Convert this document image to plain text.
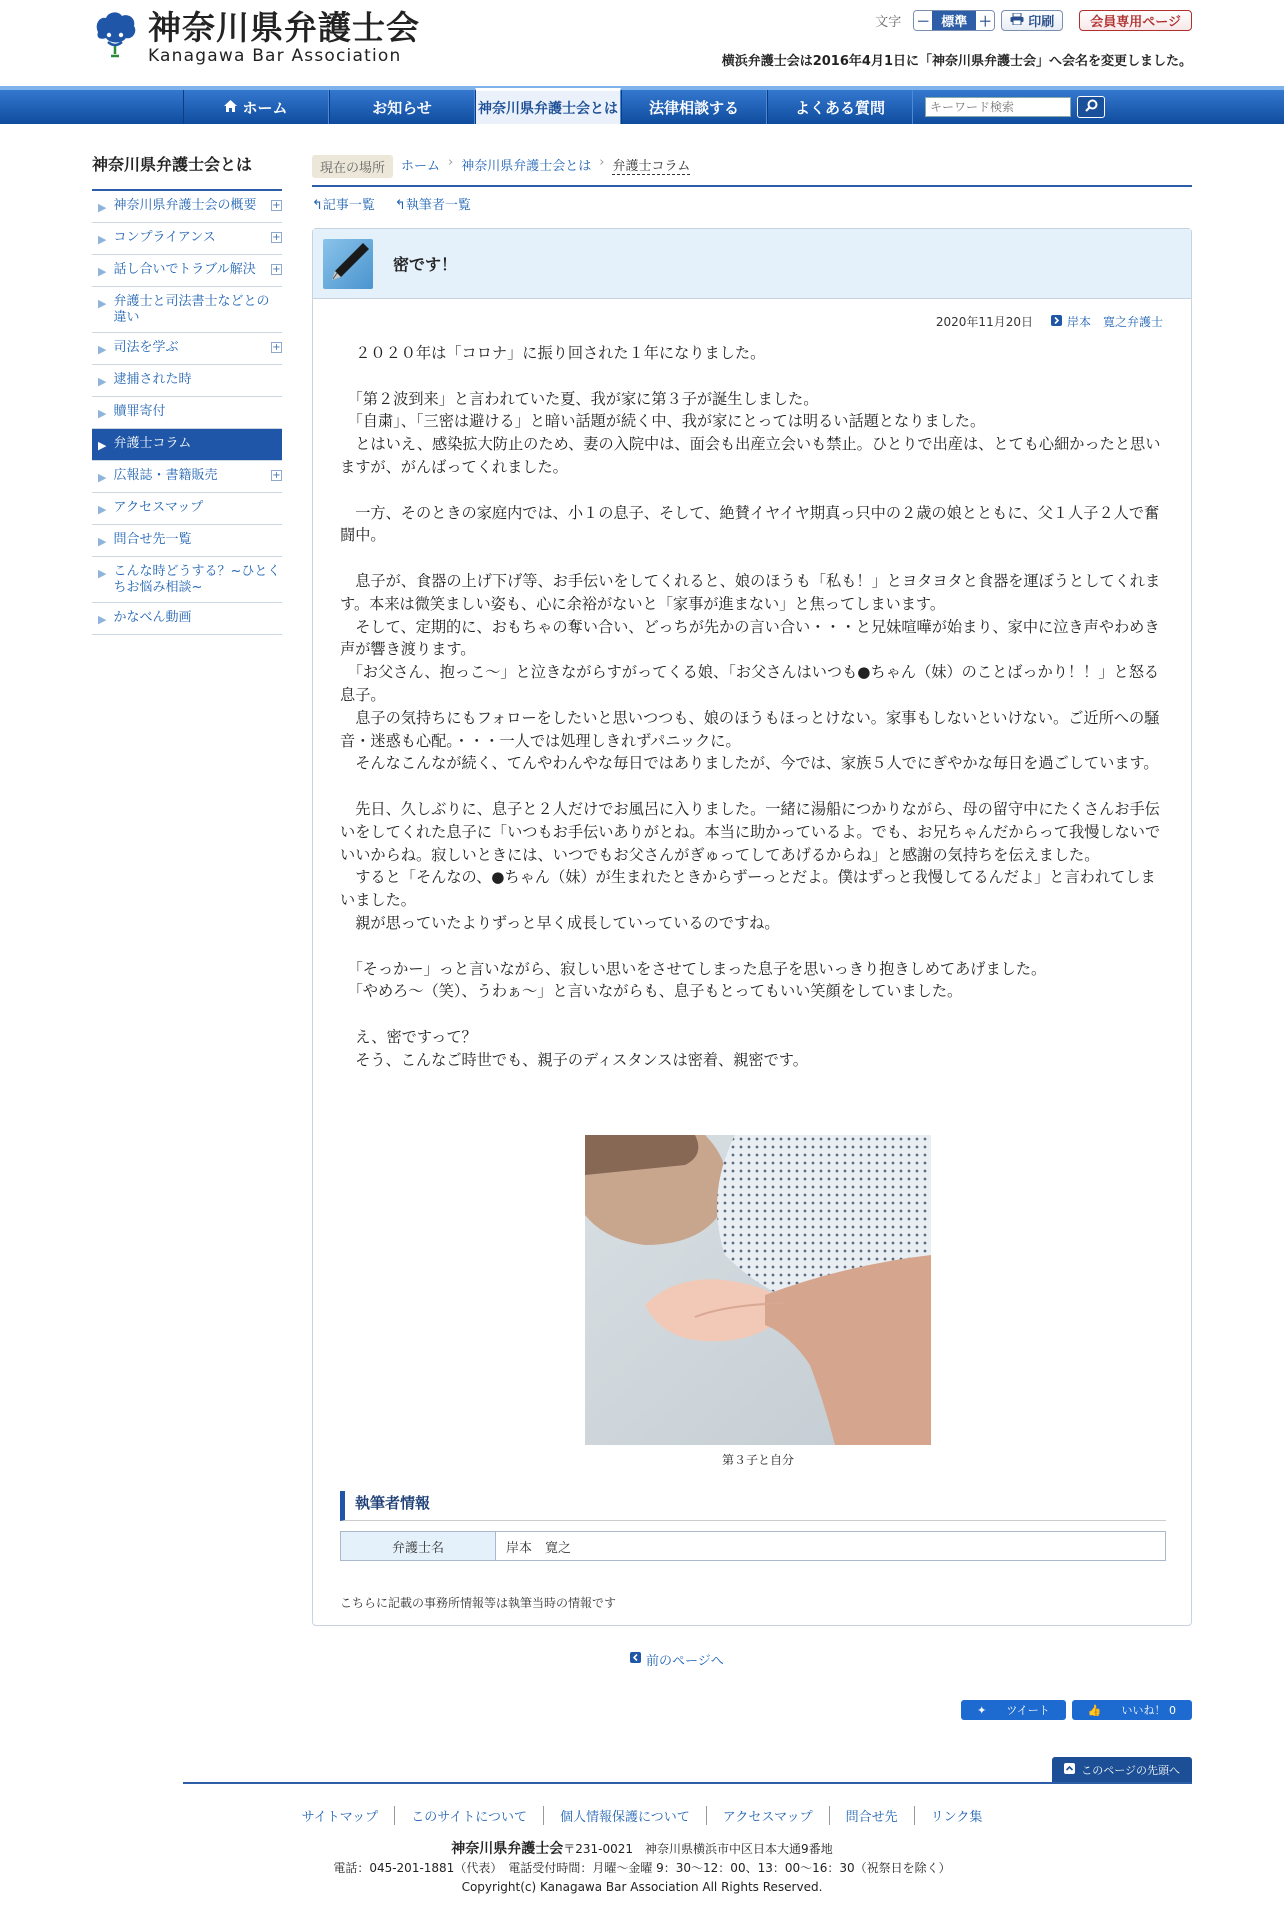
神奈川県弁護士会
Kanagawa Bar Association
文字 － 標準 ＋	印刷	会員専用ページ
横浜弁護士会は2016年4月1日に「神奈川県弁護士会」へ会名を変更しました。
ホーム	お知らせ	神奈川県弁護士会とは	法律相談する	よくある質問
キーワード検索
神奈川県弁護士会とは
▶ 神奈川県弁護士会の概要 +
▶ コンプライアンス	+
▶ 話し合いでトラブル解決 +
▶ 弁護士と司法書士などとの違い
▶ 司法を学ぶ	+
▶ 逮捕された時
▶ 贖罪寄付
▶ 弁護士コラム
▶ 広報誌・書籍販売	+
▶ アクセスマップ
▶ 問合せ先一覧
▶ こんな時どうする？~ひとくちお悩み相談~
▶ かなべん動画
現在の場所	ホーム › 神奈川県弁護士会とは › 弁護士コラム
↰記事一覧 ↰執筆者一覧
密です！
2020年11月20日	岸本　寛之弁護士

　２０２０年は「コロナ」に振り回された１年になりました。

　「第２波到来」と言われていた夏、我が家に第３子が誕生しました。
　「自粛」、「三密は避ける」と暗い話題が続く中、我が家にとっては明るい話題となりました。
　とはいえ、感染拡大防止のため、妻の入院中は、面会も出産立会いも禁止。ひとりで出産は、とても心細かったと思いますが、がんばってくれました。

　一方、そのときの家庭内では、小１の息子、そして、絶賛イヤイヤ期真っ只中の２歳の娘とともに、父１人子２人で奮闘中。

　息子が、食器の上げ下げ等、お手伝いをしてくれると、娘のほうも「私も！」とヨタヨタと食器を運ぼうとしてくれます。本来は微笑ましい姿も、心に余裕がないと「家事が進まない」と焦ってしまいます。
　そして、定期的に、おもちゃの奪い合い、どっちが先かの言い合い・・・と兄妹喧嘩が始まり、家中に泣き声やわめき声が響き渡ります。
　「お父さん、抱っこ～」と泣きながらすがってくる娘、「お父さんはいつも●ちゃん（妹）のことばっかり！！」と怒る息子。
　息子の気持ちにもフォローをしたいと思いつつも、娘のほうもほっとけない。家事もしないといけない。ご近所への騒音・迷惑も心配。・・・一人では処理しきれずパニックに。
　そんなこんなが続く、てんやわんやな毎日ではありましたが、今では、家族５人でにぎやかな毎日を過ごしています。

　先日、久しぶりに、息子と２人だけでお風呂に入りました。一緒に湯船につかりながら、母の留守中にたくさんお手伝いをしてくれた息子に「いつもお手伝いありがとね。本当に助かっているよ。でも、お兄ちゃんだからって我慢しないでいいからね。寂しいときには、いつでもお父さんがぎゅってしてあげるからね」と感謝の気持ちを伝えました。
　すると「そんなの、●ちゃん（妹）が生まれたときからずーっとだよ。僕はずっと我慢してるんだよ」と言われてしまいました。
　親が思っていたよりずっと早く成長していっているのですね。

　「そっかー」っと言いながら、寂しい思いをさせてしまった息子を思いっきり抱きしめてあげました。
　「やめろ～（笑）、うわぁ～」と言いながらも、息子もとってもいい笑顔をしていました。

　え、密ですって？
　そう、こんなご時世でも、親子のディスタンスは密着、親密です。

第３子と自分
執筆者情報
弁護士名	岸本　寛之
こちらに記載の事務所情報等は執筆当時の情報です
前のページへ
✦	ツイート	👍	いいね！ 0
このページの先頭へ
サイトマップ	このサイトについて	個人情報保護について	アクセスマップ	問合せ先	リンク集
神奈川県弁護士会〒231-0021　神奈川県横浜市中区日本大通9番地
電話：045-201-1881（代表）　電話受付時間：月曜～金曜 9：30～12：00、13：00～16：30（祝祭日を除く）
Copyright(c) Kanagawa Bar Association All Rights Reserved.
